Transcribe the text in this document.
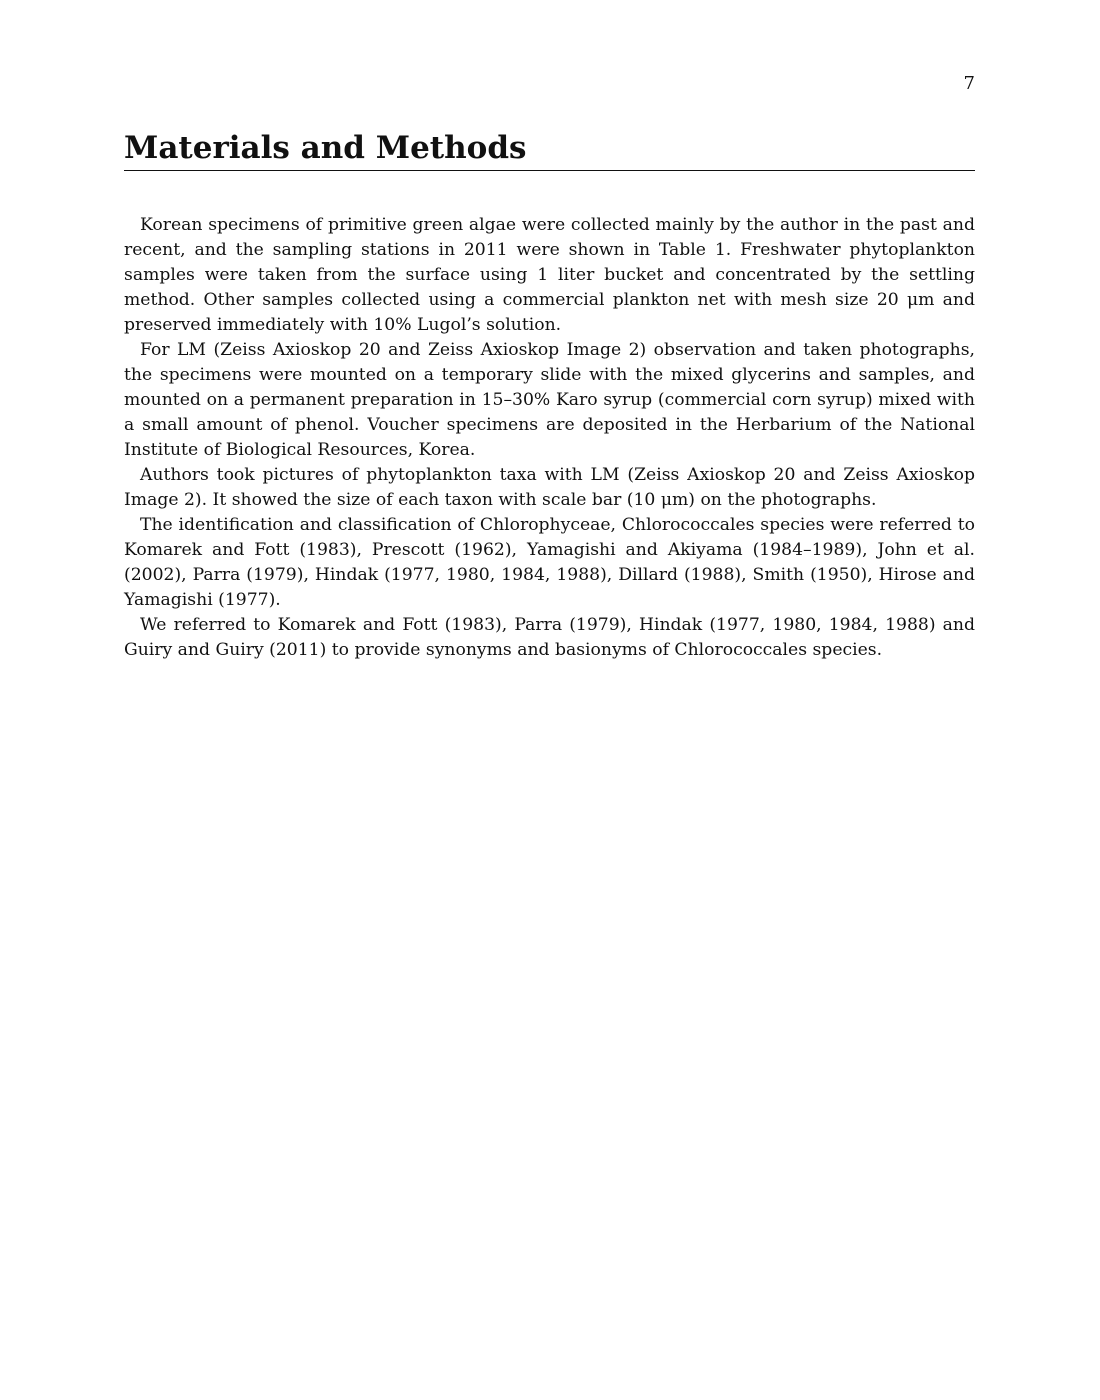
7
Materials and Methods

Korean specimens of primitive green algae were collected mainly by the author in the past and recent, and the sampling stations in 2011 were shown in Table 1. Freshwater phytoplankton samples were taken from the surface using 1 liter bucket and concentrated by the settling method. Other samples collected using a commercial plankton net with mesh size 20 μm and preserved immediately with 10% Lugol’s solution.

For LM (Zeiss Axioskop 20 and Zeiss Axioskop Image 2) observation and taken photographs, the specimens were mounted on a temporary slide with the mixed glycerins and samples, and mounted on a permanent preparation in 15–30% Karo syrup (commercial corn syrup) mixed with a small amount of phenol. Voucher specimens are deposited in the Herbarium of the National Institute of Biological Resources, Korea.

Authors took pictures of phytoplankton taxa with LM (Zeiss Axioskop 20 and Zeiss Axioskop Image 2). It showed the size of each taxon with scale bar (10 μm) on the photographs.

The identification and classification of Chlorophyceae, Chlorococcales species were referred to Komarek and Fott (1983), Prescott (1962), Yamagishi and Akiyama (1984–1989), John et al. (2002), Parra (1979), Hindak (1977, 1980, 1984, 1988), Dillard (1988), Smith (1950), Hirose and Yamagishi (1977).

We referred to Komarek and Fott (1983), Parra (1979), Hindak (1977, 1980, 1984, 1988) and Guiry and Guiry (2011) to provide synonyms and basionyms of Chlorococcales species.
